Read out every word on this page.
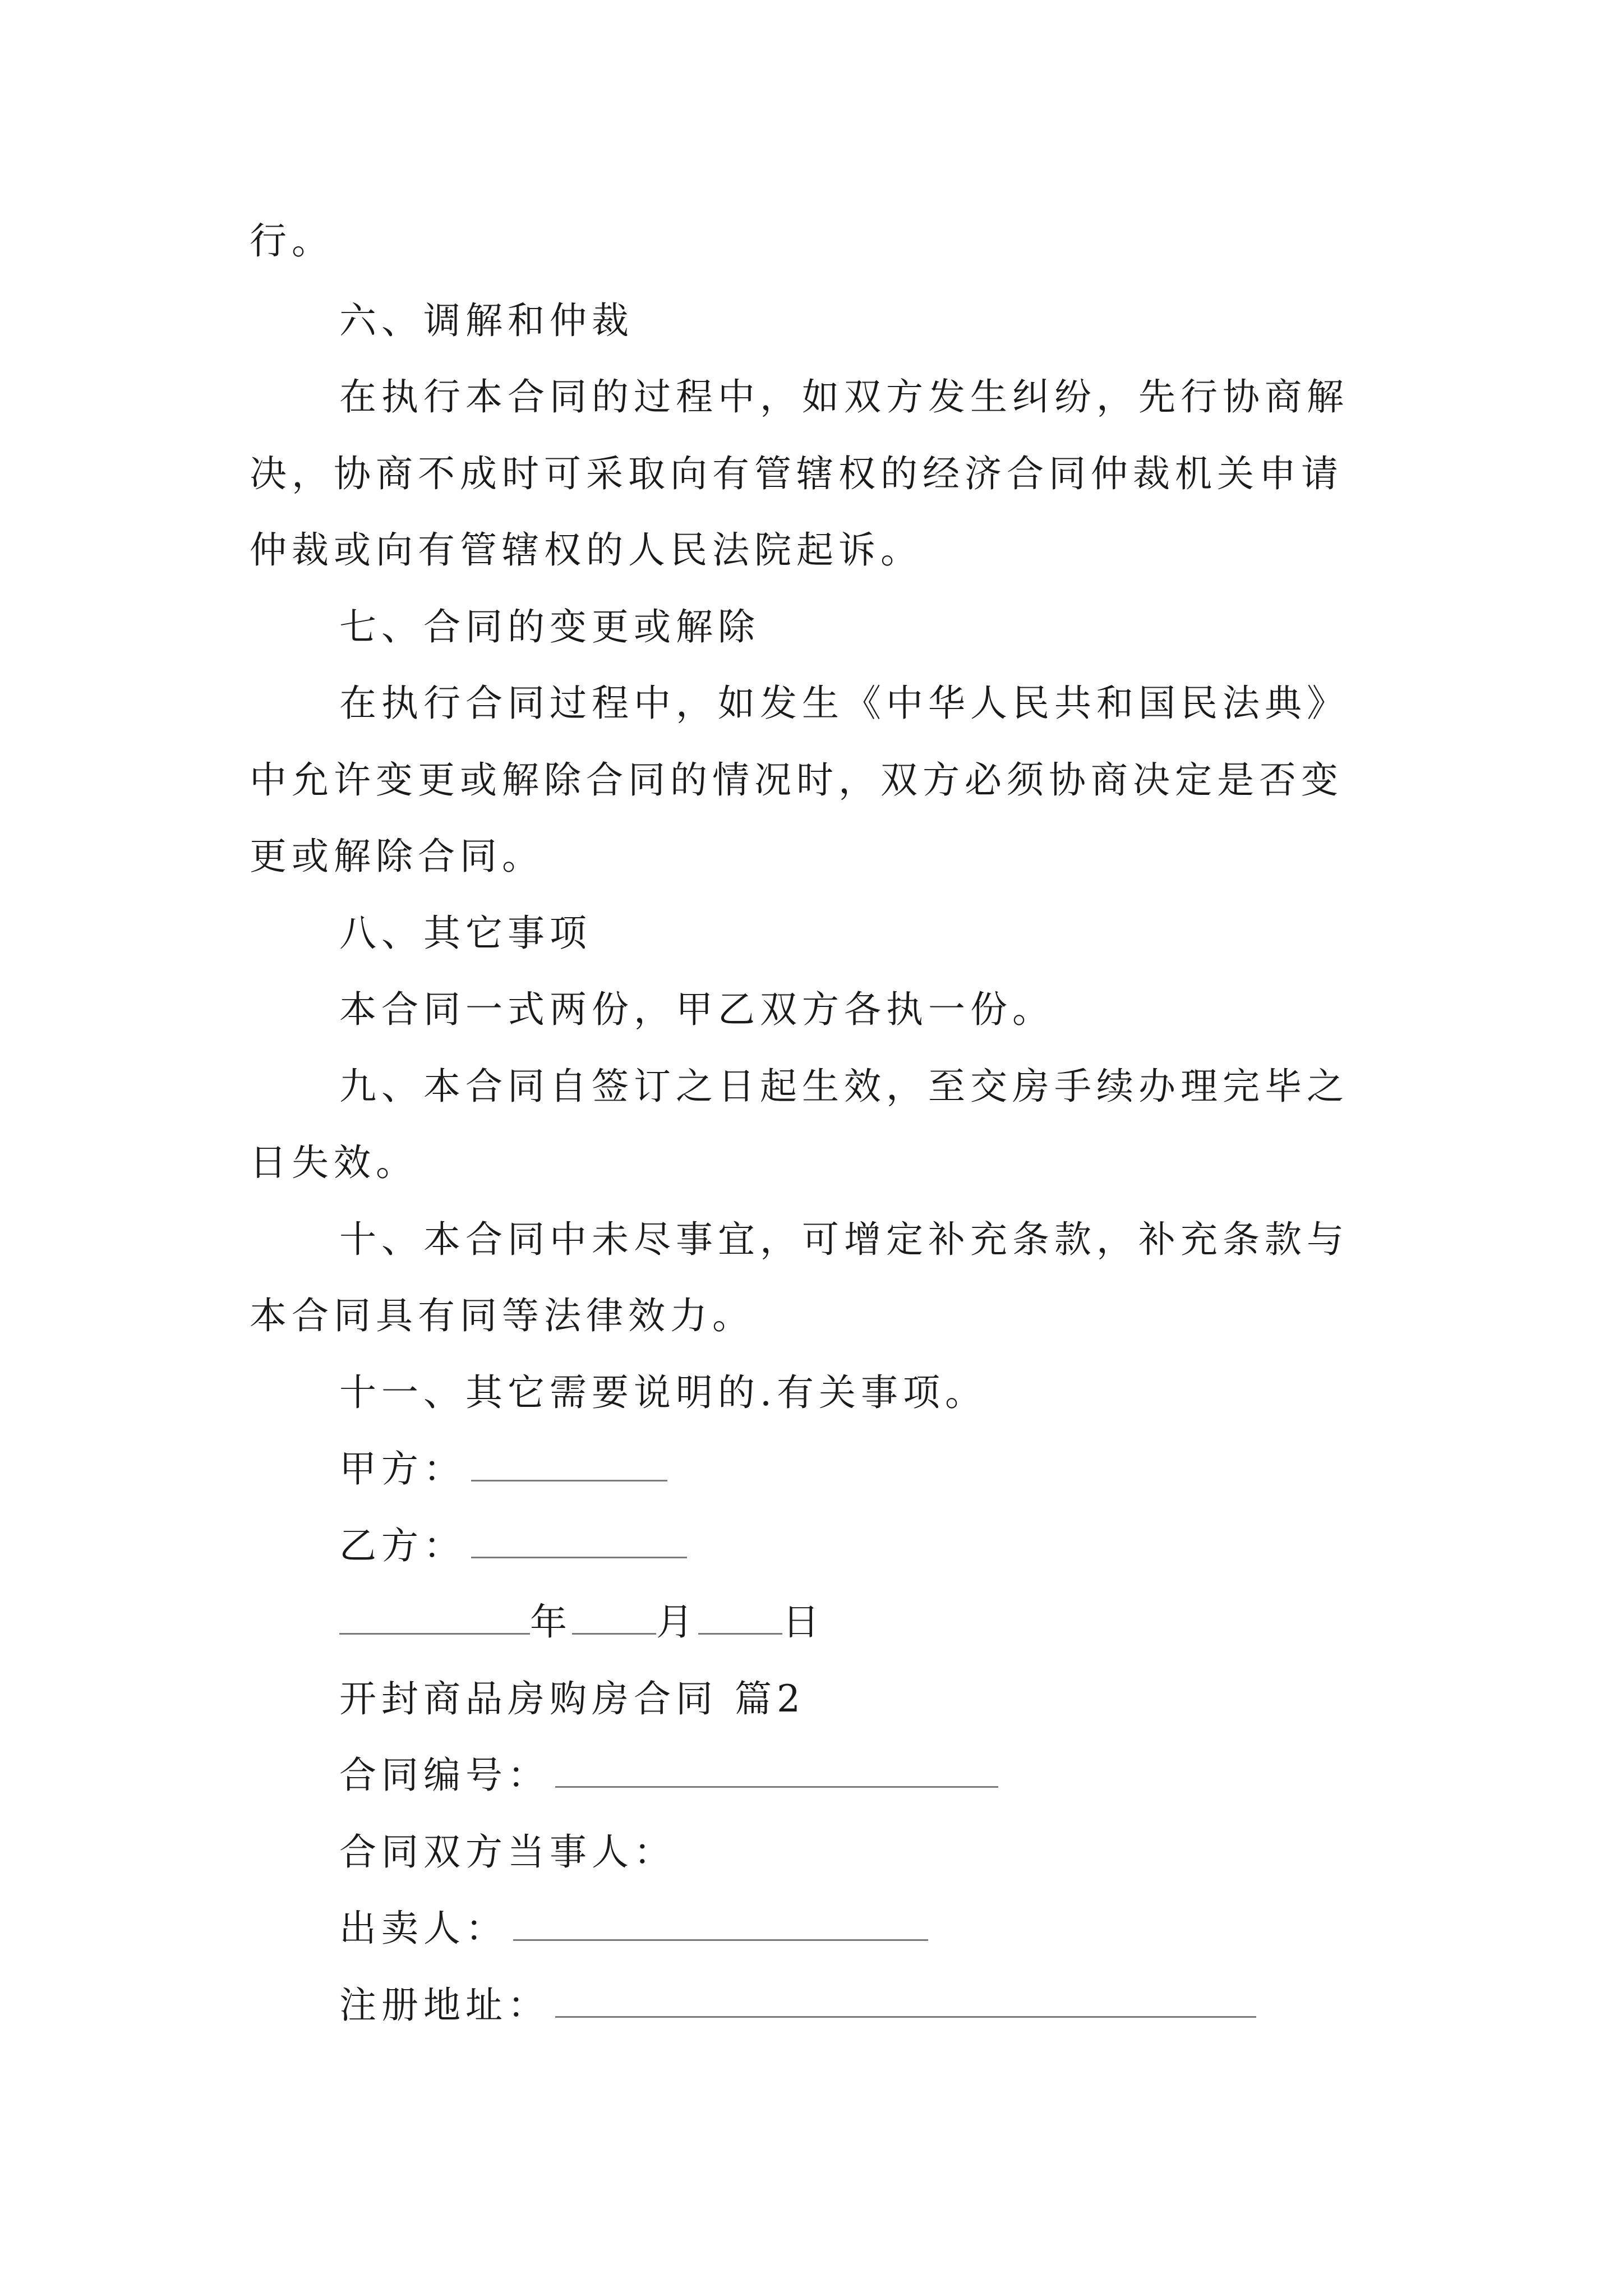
行。
六、调解和仲裁
在执行本合同的过程中，如双方发生纠纷，先行协商解
决，协商不成时可采取向有管辖权的经济合同仲裁机关申请
仲裁或向有管辖权的人民法院起诉。
七、合同的变更或解除
在执行合同过程中，如发生《中华人民共和国民法典》
中允许变更或解除合同的情况时，双方必须协商决定是否变
更或解除合同。
八、其它事项
本合同一式两份，甲乙双方各执一份。
九、本合同自签订之日起生效，至交房手续办理完毕之
日失效。
十、本合同中未尽事宜，可增定补充条款，补充条款与
本合同具有同等法律效力。
十一、其它需要说明的.有关事项。
甲方：
乙方：
年 月 日
开封商品房购房合同 篇2
合同编号：
合同双方当事人：
出卖人：
注册地址：
